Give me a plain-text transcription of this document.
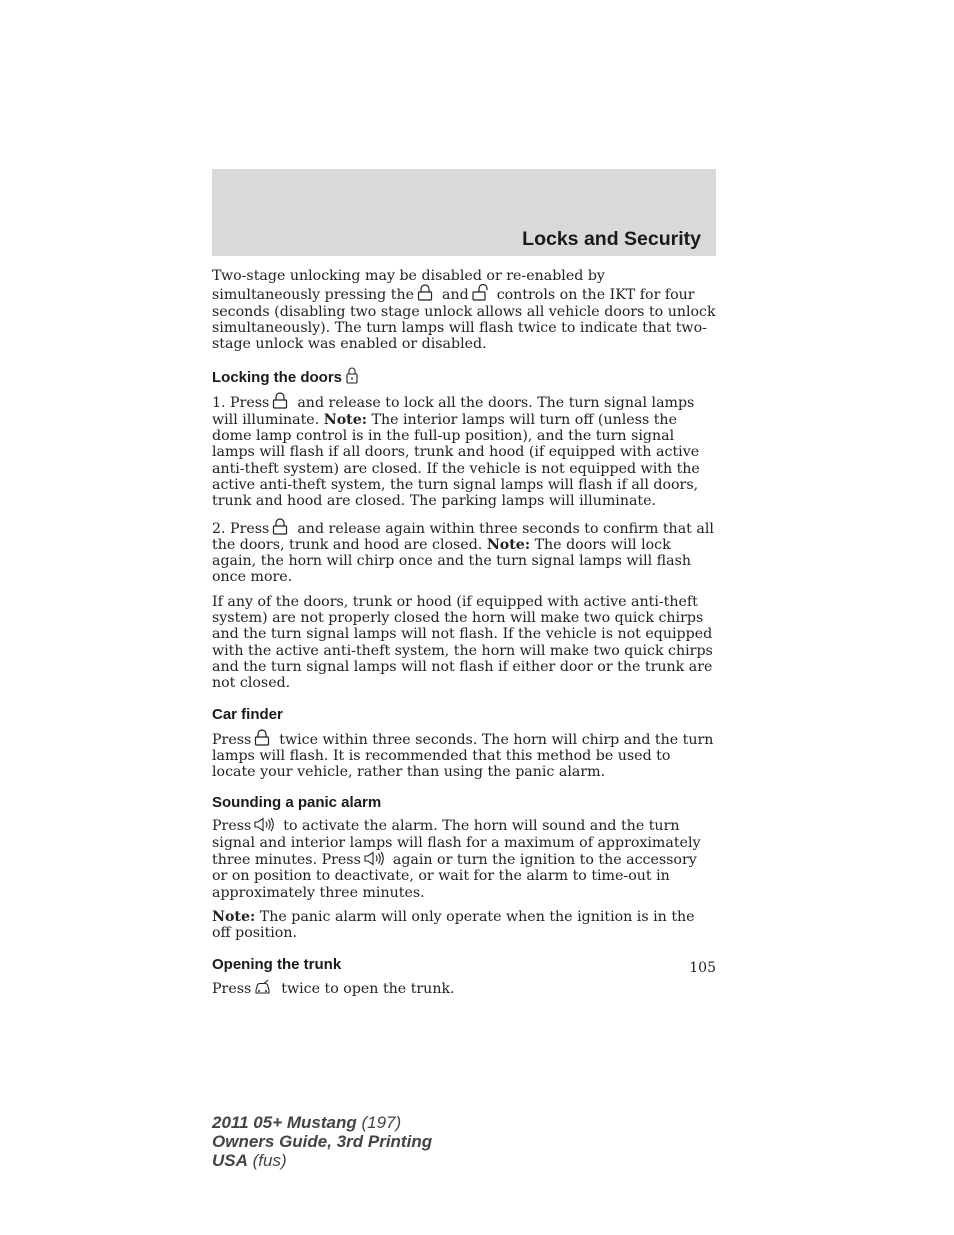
Locks and Security

Two-stage unlocking may be disabled or re-enabled by simultaneously pressing the and controls on the IKT for four seconds (disabling two stage unlock allows all vehicle doors to unlock simultaneously). The turn lamps will flash twice to indicate that two-stage unlock was enabled or disabled.

Locking the doors

1. Press and release to lock all the doors. The turn signal lamps will illuminate. Note: The interior lamps will turn off (unless the dome lamp control is in the full-up position), and the turn signal lamps will flash if all doors, trunk and hood (if equipped with active anti-theft system) are closed. If the vehicle is not equipped with the active anti-theft system, the turn signal lamps will flash if all doors, trunk and hood are closed. The parking lamps will illuminate.

2. Press and release again within three seconds to confirm that all the doors, trunk and hood are closed. Note: The doors will lock again, the horn will chirp once and the turn signal lamps will flash once more.

If any of the doors, trunk or hood (if equipped with active anti-theft system) are not properly closed the horn will make two quick chirps and the turn signal lamps will not flash. If the vehicle is not equipped with the active anti-theft system, the horn will make two quick chirps and the turn signal lamps will not flash if either door or the trunk are not closed.

Car finder

Press twice within three seconds. The horn will chirp and the turn lamps will flash. It is recommended that this method be used to locate your vehicle, rather than using the panic alarm.

Sounding a panic alarm

Press to activate the alarm. The horn will sound and the turn signal and interior lamps will flash for a maximum of approximately three minutes. Press again or turn the ignition to the accessory or on position to deactivate, or wait for the alarm to time-out in approximately three minutes.

Note: The panic alarm will only operate when the ignition is in the off position.

Opening the trunk

Press twice to open the trunk.

105
2011 05+ Mustang (197)
Owners Guide, 3rd Printing
USA (fus)
